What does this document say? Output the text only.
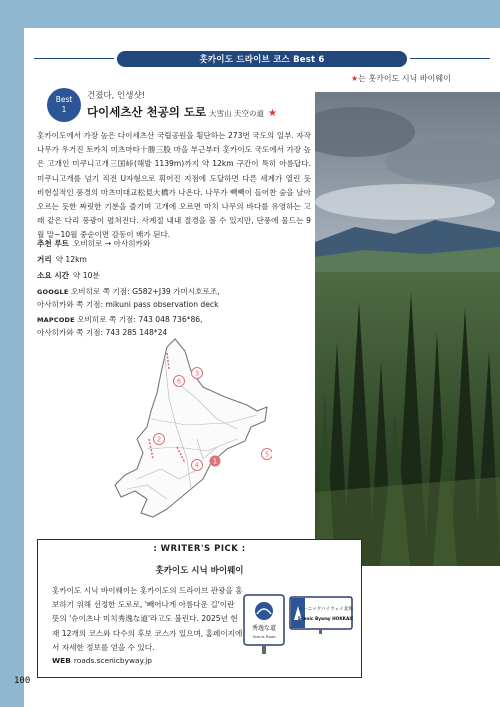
홋카이도 드라이브 코스 Best 6
★는 홋카이도 시닉 바이웨이
Best
1
건졌다, 인생샷!
다이세츠산 천공의 도로 大雪山 天空の道 ★
홋카이도에서 가장 높은 다이세츠산 국립공원을 횡단하는 273번 국도의 일부. 자작나무가 우거진 토카치 미츠마타十勝三股 마을 부근부터 홋카이도 국도에서 가장 높은 고개인 미쿠니고개三国峠(해발 1139m)까지 약 12km 구간이 특히 아름답다. 미쿠니고개를 넘기 직전 U자형으로 휘어진 지점에 도달하면 다른 세계가 열린 듯 비현실적인 풍경의 마츠미대교松見大橋가 나온다. 나무가 빽빽이 들어찬 숲을 날아오르는 듯한 짜릿한 기분을 즐기며 고개에 오르면 마치 나무의 바다를 유영하는 고래 같은 다리 풍광이 펼쳐진다. 사계절 내내 절경을 볼 수 있지만, 단풍에 물드는 9월 말~10월 중순이면 감동이 배가 된다.
추천 루트 오비히로 → 아사히카와
거리 약 12km
소요 시간 약 10분
GOOGLE 오비히로 쪽 기점: G582+J39 가미시호로조,
아사히카와 쪽 기점: mikuni pass observation deck
MAPCODE 오비히로 쪽 기점: 743 048 736*86,
아사히카와 쪽 기점: 743 285 148*24
1
2
3
4
5
6
: WRITER'S PICK :
홋카이도 시닉 바이웨이
홋카이도 시닉 바이웨이는 홋카이도의 드라이브 관광을 홍보하기 위해 선정한 도로로, '빼어나게 아름다운 길'이란 뜻의 '슈이츠나 미치秀逸な道'라고도 불린다. 2025년 현재 12개의 코스와 다수의 후보 코스가 있으며, 홈페이지에서 자세한 정보를 얻을 수 있다.
WEB roads.scenicbyway.jp
秀逸な道
Scenic Road
シーニックバイウェイ北海道
Scenic Byway HOKKAIDO
100
